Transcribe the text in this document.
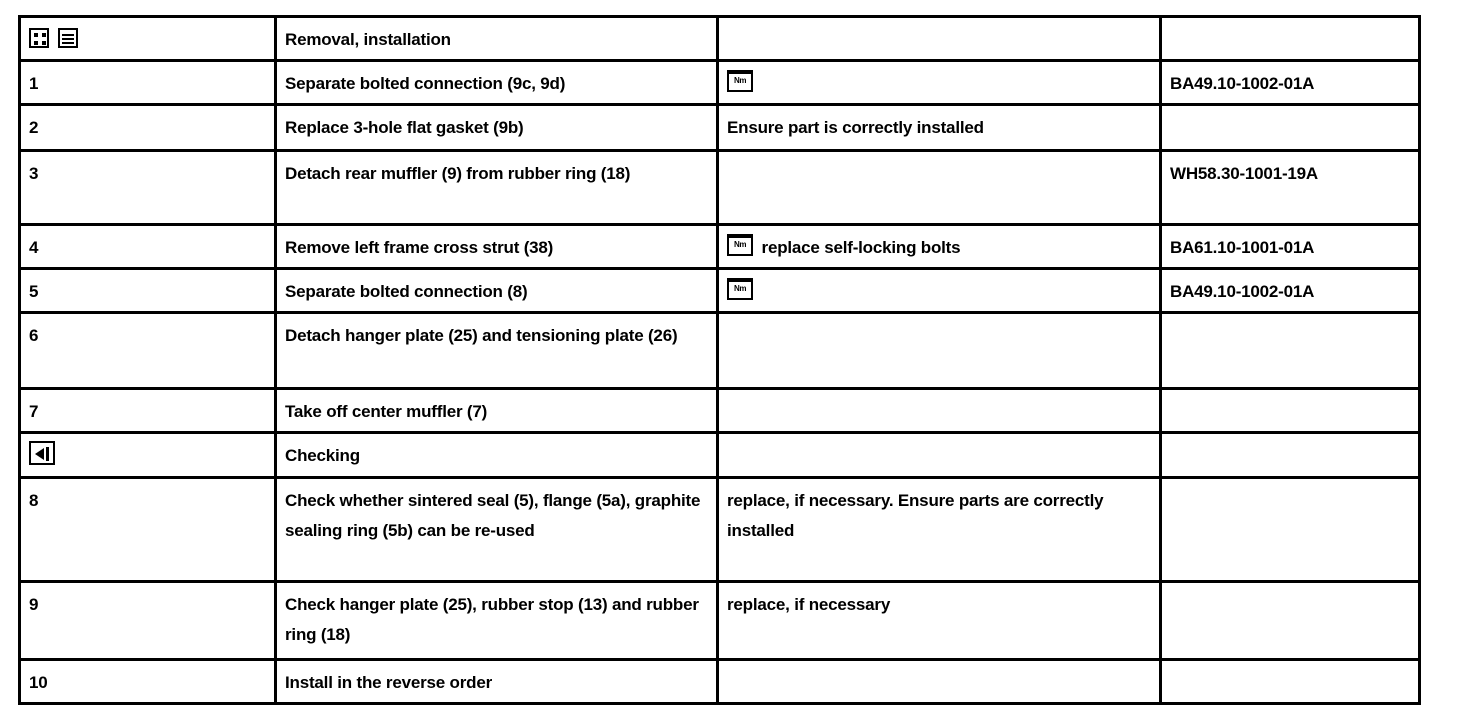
	Removal, installation		
1	Separate bolted connection (9c, 9d)	Nm	BA49.10-1002-01A
2	Replace 3-hole flat gasket (9b)	Ensure part is correctly installed	
3	Detach rear muffler (9) from rubber ring (18)		WH58.30-1001-19A
4	Remove left frame cross strut (38)	Nm replace self-locking bolts	BA61.10-1001-01A
5	Separate bolted connection (8)	Nm	BA49.10-1002-01A
6	Detach hanger plate (25) and tensioning plate (26)		
7	Take off center muffler (7)		
	Checking		
8	Check whether sintered seal (5), flange (5a), graphite sealing ring (5b) can be re-used	replace, if necessary. Ensure parts are correctly installed	
9	Check hanger plate (25), rubber stop (13) and rubber ring (18)	replace, if necessary	
10	Install in the reverse order		
